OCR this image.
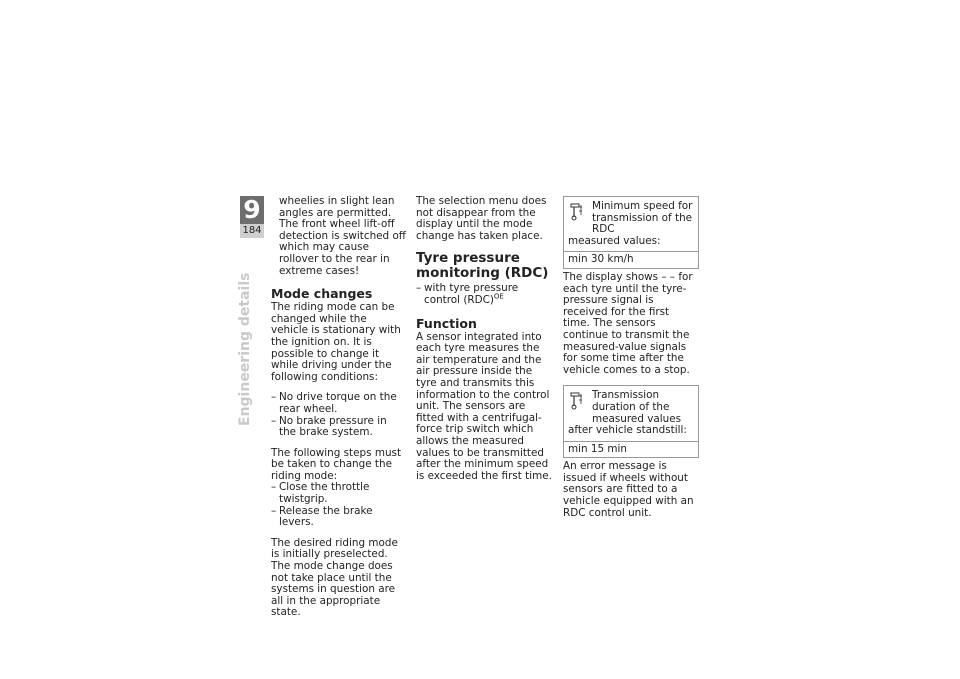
9
184
Engineering details

wheelies in slight lean angles are permitted. The front wheel lift-off detection is switched off which may cause rollover to the rear in extreme cases!

Mode changes

The riding mode can be changed while the vehicle is stationary with the ignition on. It is possible to change it while driving under the following conditions:

– No drive torque on the rear wheel.
– No brake pressure in the brake system.

The following steps must be taken to change the riding mode:

– Close the throttle twistgrip.
– Release the brake levers.

The desired riding mode is initially preselected. The mode change does not take place until the systems in question are all in the appropriate state.

The selection menu does not disappear from the display until the mode change has taken place.

Tyre pressure monitoring (RDC)
– with tyre pressure control (RDC)$^{OE}$
Function

A sensor integrated into each tyre measures the air temperature and the air pressure inside the tyre and transmits this information to the control unit. The sensors are fitted with a centrifugal-force trip switch which allows the measured values to be transmitted after the minimum speed is exceeded the first time.

Minimum speed for transmission of the RDC
measured values:
min 30 km/h

The display shows – – for each tyre until the tyre-pressure signal is received for the first time. The sensors continue to transmit the measured-value signals for some time after the vehicle comes to a stop.

Transmission duration of the measured values
after vehicle standstill:
min 15 min

An error message is issued if wheels without sensors are fitted to a vehicle equipped with an RDC control unit.
